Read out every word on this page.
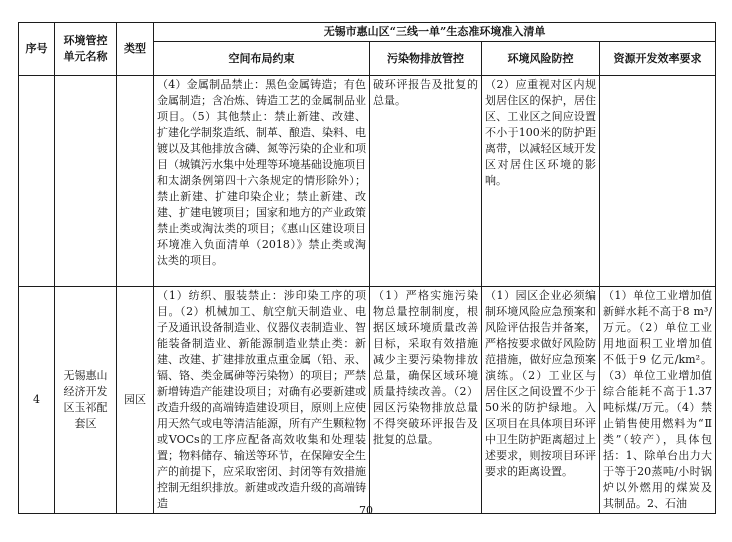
序号	环境管控单元名称	类型	无锡市惠山区“三线一单”生态准环境准入清单			
			空间布局约束	污染物排放管控	环境风险防控	资源开发效率要求
			（4）金属制品禁止：黑色金属铸造；有色金属制造；含冶炼、铸造工艺的金属制品业项目。（5）其他禁止：禁止新建、改建、扩建化学制浆造纸、制革、酿造、染料、电镀以及其他排放含磷、氮等污染的企业和项目（城镇污水集中处理等环境基础设施项目和太湖条例第四十六条规定的情形除外）；禁止新建、扩建印染企业；禁止新建、改建、扩建电镀项目；国家和地方的产业政策禁止类或淘汰类的项目；《惠山区建设项目环境准入负面清单（2018）》禁止类或淘汰类的项目。	破环评报告及批复的总量。	（2）应重视对区内规划居住区的保护，居住区、工业区之间应设置不小于100米的防护距离带，以减轻区域开发区对居住区环境的影响。	
4	无锡惠山经济开发区玉祁配套区	园区	（1）纺织、服装禁止：涉印染工序的项目。（2）机械加工、航空航天制造业、电子及通讯设备制造业、仪器仪表制造业、智能装备制造业、新能源制造业禁止类：新建、改建、扩建排放重点重金属（铅、汞、镉、铬、类金属砷等污染物）的项目；严禁新增铸造产能建设项目；对确有必要新建或改造升级的高端铸造建设项目，原则上应使用天然气或电等清洁能源，所有产生颗粒物或VOCs的工序应配备高效收集和处理装置；物料储存、输送等环节，在保障安全生产的前提下，应采取密闭、封闭等有效措施控制无组织排放。新建或改造升级的高端铸造	（1）严格实施污染物总量控制制度，根据区域环境质量改善目标，采取有效措施减少主要污染物排放总量，确保区域环境质量持续改善。（2）园区污染物排放总量不得突破环评报告及批复的总量。	（1）园区企业必须编制环境风险应急预案和风险评估报告并备案，严格按要求做好风险防范措施，做好应急预案演练。（2）工业区与居住区之间设置不少于50米的防护绿地。入区项目在具体项目环评中卫生防护距离超过上述要求，则按项目环评要求的距离设置。	（1）单位工业增加值新鲜水耗不高于8 m³/万元。（2）单位工业用地面积工业增加值不低于9 亿元/km²。（3）单位工业增加值综合能耗不高于1.37 吨标煤/万元。（4）禁止销售使用燃料为“Ⅱ类”（较产），具体包括：1、除单台出力大于等于20蒸吨/小时锅炉以外燃用的煤炭及其制品。2、石油
70
